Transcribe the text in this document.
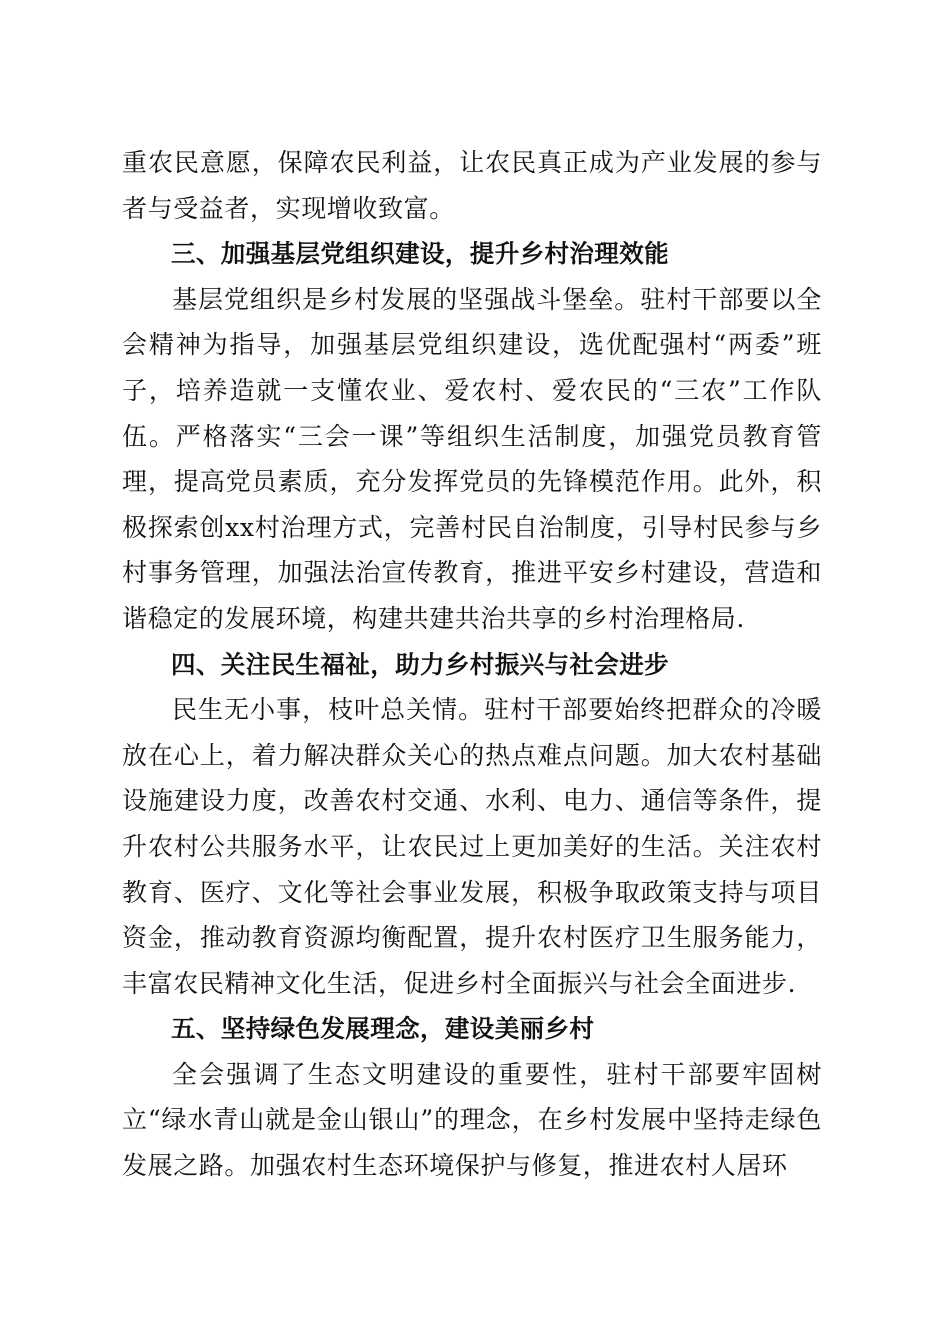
重农民意愿，保障农民利益，让农民真正成为产业发展的参与者与受益者，实现增收致富。

三、加强基层党组织建设，提升乡村治理效能

基层党组织是乡村发展的坚强战斗堡垒。驻村干部要以全会精神为指导，加强基层党组织建设，选优配强村“两委”班子，培养造就一支懂农业、爱农村、爱农民的“三农”工作队伍。严格落实“三会一课”等组织生活制度，加强党员教育管理，提高党员素质，充分发挥党员的先锋模范作用。此外，积极探索创xx村治理方式，完善村民自治制度，引导村民参与乡村事务管理，加强法治宣传教育，推进平安乡村建设，营造和谐稳定的发展环境，构建共建共治共享的乡村治理格局.

四、关注民生福祉，助力乡村振兴与社会进步

民生无小事，枝叶总关情。驻村干部要始终把群众的冷暖放在心上，着力解决群众关心的热点难点问题。加大农村基础设施建设力度，改善农村交通、水利、电力、通信等条件，提升农村公共服务水平，让农民过上更加美好的生活。关注农村教育、医疗、文化等社会事业发展，积极争取政策支持与项目资金，推动教育资源均衡配置，提升农村医疗卫生服务能力，丰富农民精神文化生活，促进乡村全面振兴与社会全面进步.

五、坚持绿色发展理念，建设美丽乡村

全会强调了生态文明建设的重要性，驻村干部要牢固树立“绿水青山就是金山银山”的理念，在乡村发展中坚持走绿色发展之路。加强农村生态环境保护与修复，推进农村人居环
